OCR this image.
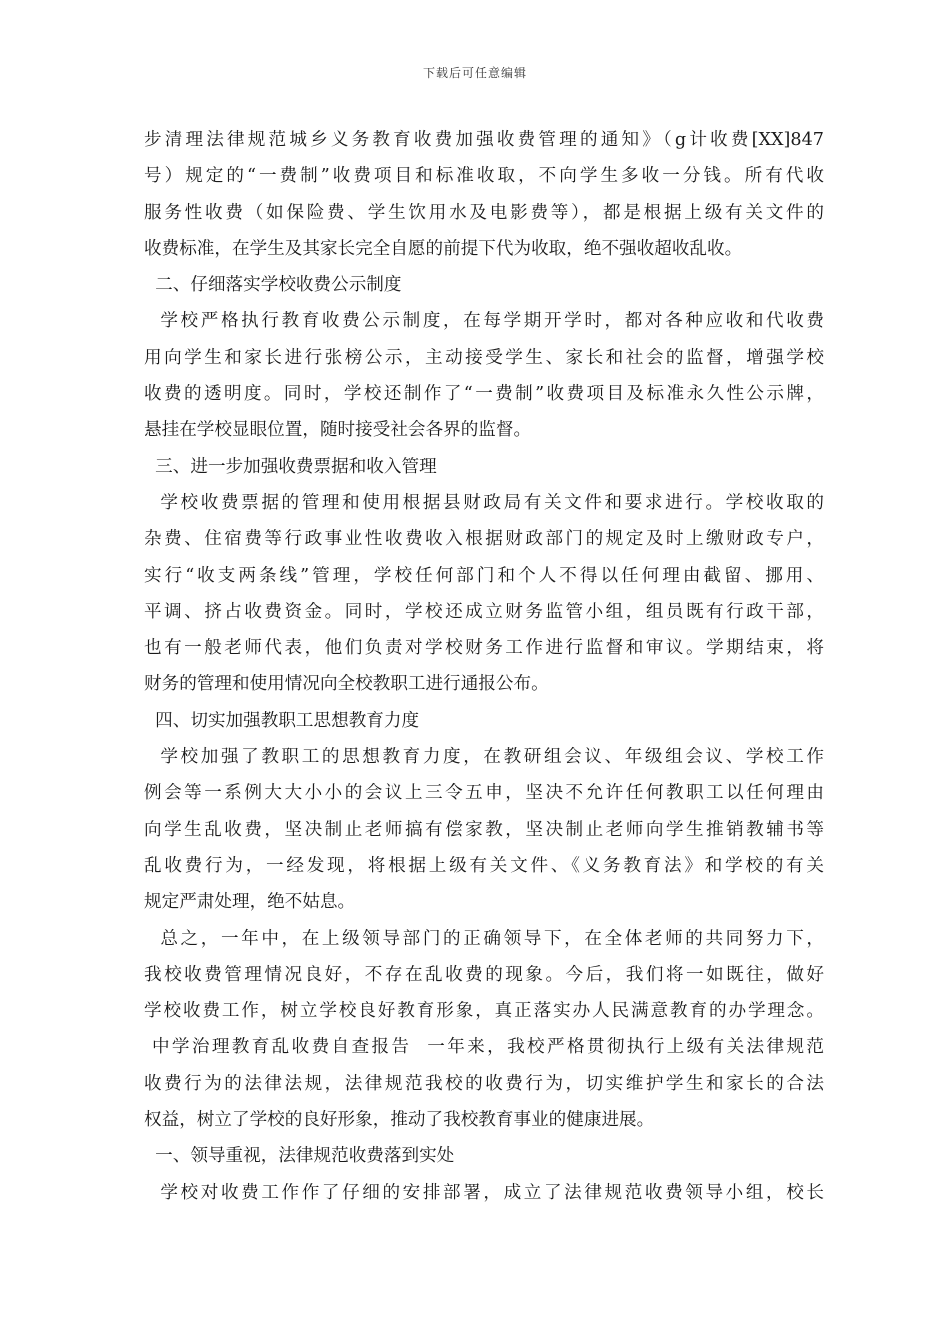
下载后可任意编辑
步清理法律规范城乡义务教育收费加强收费管理的通知》（g计收费[XX]847
号）规定的“一费制”收费项目和标准收取，不向学生多收一分钱。所有代收
服务性收费（如保险费、学生饮用水及电影费等），都是根据上级有关文件的
收费标准，在学生及其家长完全自愿的前提下代为收取，绝不强收超收乱收。
二、仔细落实学校收费公示制度
学校严格执行教育收费公示制度，在每学期开学时，都对各种应收和代收费
用向学生和家长进行张榜公示，主动接受学生、家长和社会的监督，增强学校
收费的透明度。同时，学校还制作了“一费制”收费项目及标准永久性公示牌，
悬挂在学校显眼位置，随时接受社会各界的监督。
三、进一步加强收费票据和收入管理
学校收费票据的管理和使用根据县财政局有关文件和要求进行。学校收取的
杂费、住宿费等行政事业性收费收入根据财政部门的规定及时上缴财政专户，
实行“收支两条线”管理，学校任何部门和个人不得以任何理由截留、挪用、
平调、挤占收费资金。同时，学校还成立财务监管小组，组员既有行政干部，
也有一般老师代表，他们负责对学校财务工作进行监督和审议。学期结束，将
财务的管理和使用情况向全校教职工进行通报公布。
四、切实加强教职工思想教育力度
学校加强了教职工的思想教育力度，在教研组会议、年级组会议、学校工作
例会等一系例大大小小的会议上三令五申，坚决不允许任何教职工以任何理由
向学生乱收费，坚决制止老师搞有偿家教，坚决制止老师向学生推销教辅书等
乱收费行为，一经发现，将根据上级有关文件、《义务教育法》和学校的有关
规定严肃处理，绝不姑息。
总之，一年中，在上级领导部门的正确领导下，在全体老师的共同努力下，
我校收费管理情况良好，不存在乱收费的现象。今后，我们将一如既往，做好
学校收费工作，树立学校良好教育形象，真正落实办人民满意教育的办学理念。
中学治理教育乱收费自查报告  一年来，我校严格贯彻执行上级有关法律规范
收费行为的法律法规，法律规范我校的收费行为，切实维护学生和家长的合法
权益，树立了学校的良好形象，推动了我校教育事业的健康进展。
一、领导重视，法律规范收费落到实处
学校对收费工作作了仔细的安排部署，成立了法律规范收费领导小组，校长
